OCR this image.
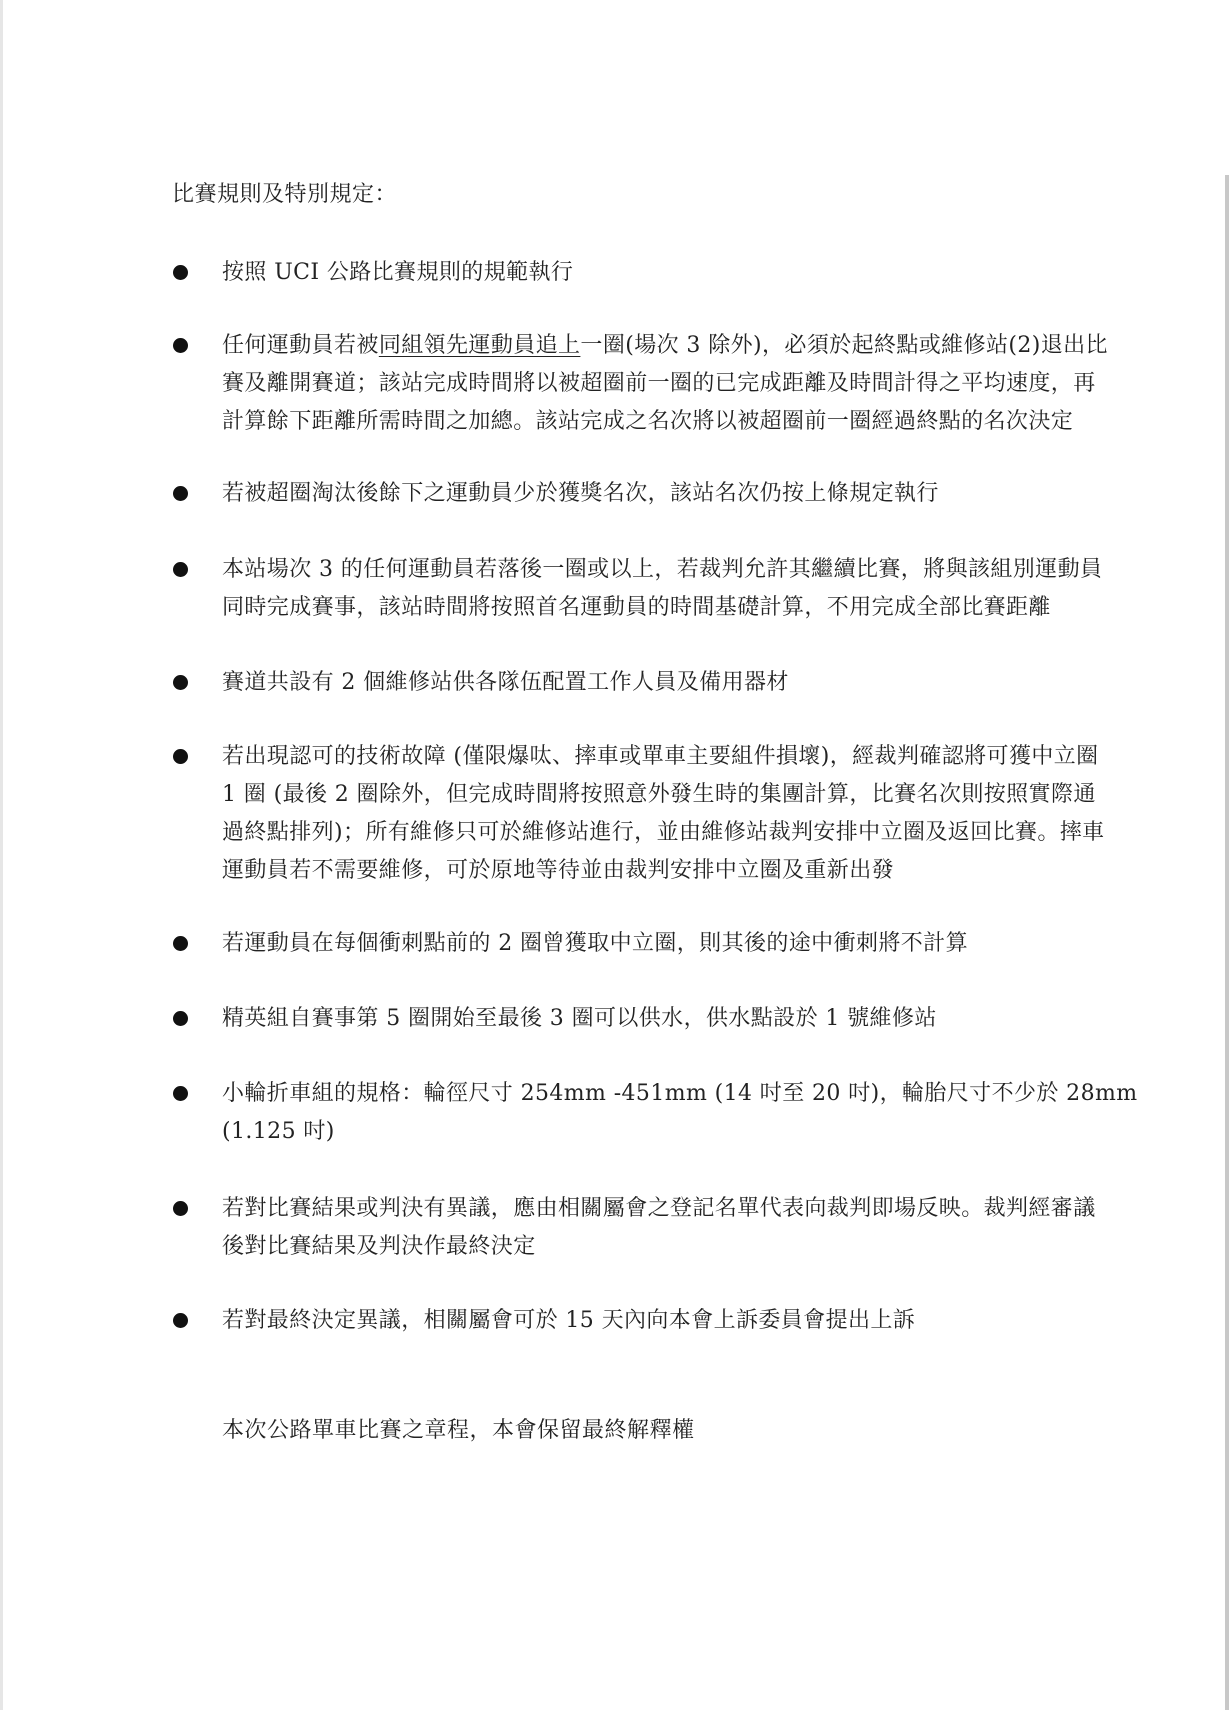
比賽規則及特別規定：
按照 UCI 公路比賽規則的規範執行
任何運動員若被同組領先運動員追上一圈(場次 3 除外)，必須於起終點或維修站(2)退出比
賽及離開賽道；該站完成時間將以被超圈前一圈的已完成距離及時間計得之平均速度，再
計算餘下距離所需時間之加總。該站完成之名次將以被超圈前一圈經過終點的名次決定
若被超圈淘汰後餘下之運動員少於獲獎名次，該站名次仍按上條規定執行
本站場次 3 的任何運動員若落後一圈或以上，若裁判允許其繼續比賽，將與該組別運動員
同時完成賽事，該站時間將按照首名運動員的時間基礎計算，不用完成全部比賽距離
賽道共設有 2 個維修站供各隊伍配置工作人員及備用器材
若出現認可的技術故障 (僅限爆呔、摔車或單車主要組件損壞)，經裁判確認將可獲中立圈
1 圈 (最後 2 圈除外，但完成時間將按照意外發生時的集團計算，比賽名次則按照實際通
過終點排列)；所有維修只可於維修站進行，並由維修站裁判安排中立圈及返回比賽。摔車
運動員若不需要維修，可於原地等待並由裁判安排中立圈及重新出發
若運動員在每個衝刺點前的 2 圈曾獲取中立圈，則其後的途中衝刺將不計算
精英組自賽事第 5 圈開始至最後 3 圈可以供水，供水點設於 1 號維修站
小輪折車組的規格：輪徑尺寸 254mm -451mm (14 吋至 20 吋)，輪胎尺寸不少於 28mm
(1.125 吋)
若對比賽結果或判決有異議，應由相關屬會之登記名單代表向裁判即場反映。裁判經審議
後對比賽結果及判決作最終決定
若對最終決定異議，相關屬會可於 15 天內向本會上訴委員會提出上訴
本次公路單車比賽之章程，本會保留最終解釋權
